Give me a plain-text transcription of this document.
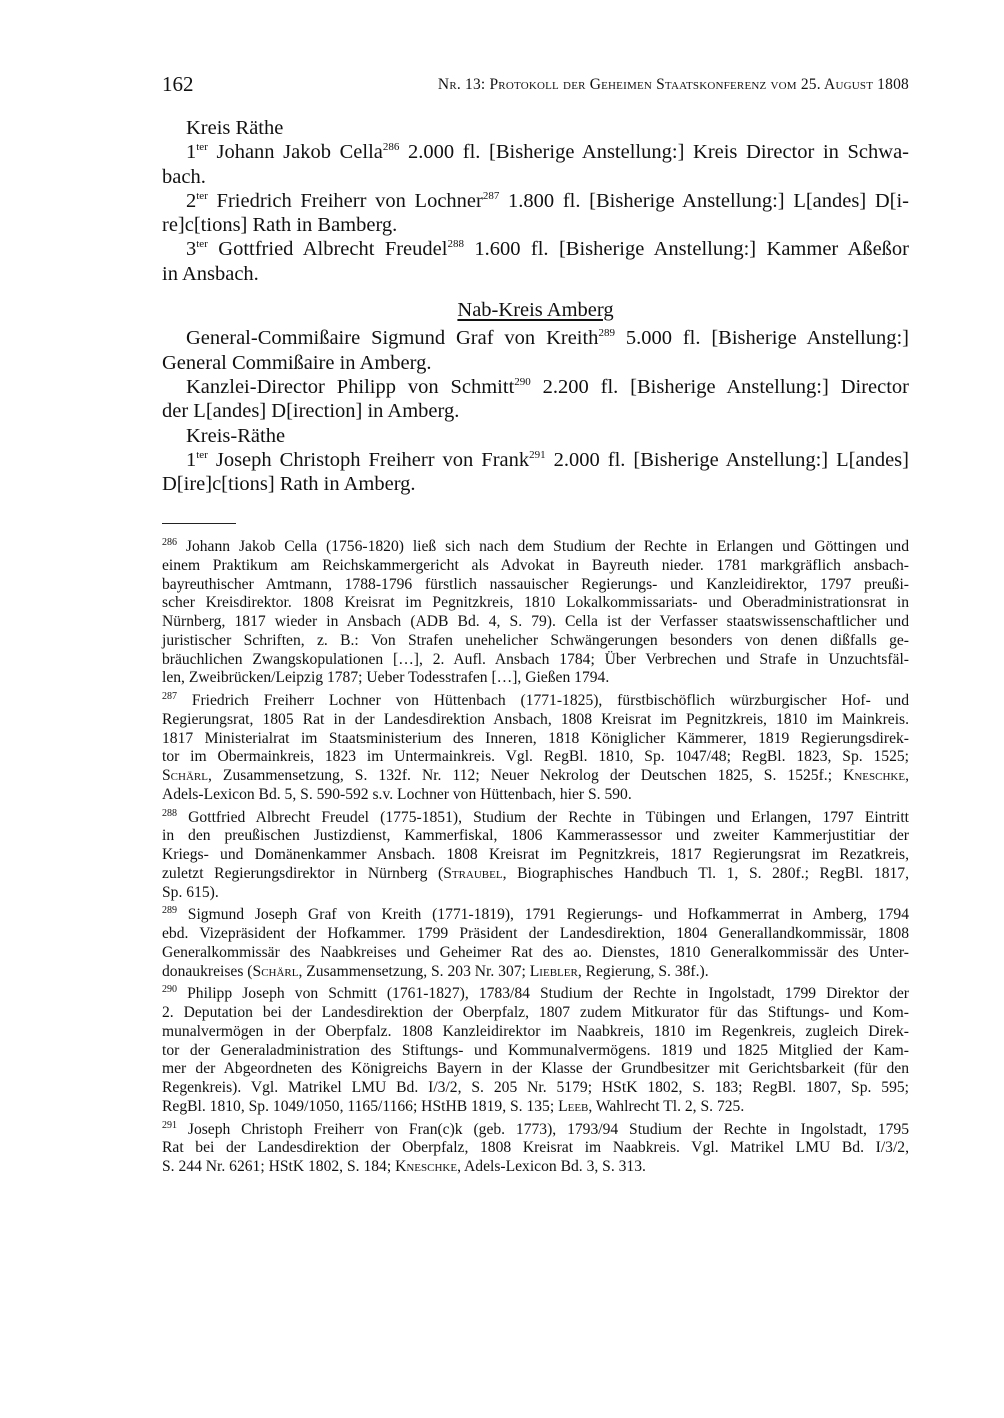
162	Nr. 13: Protokoll der Geheimen Staatskonferenz vom 25. August 1808
Kreis Räthe
$1^{ter}$ Johann Jakob Cella$^{286}$ 2.000 fl. [Bisherige Anstellung:] Kreis Director in Schwa-
bach.
$2^{ter}$ Friedrich Freiherr von Lochner$^{287}$ 1.800 fl. [Bisherige Anstellung:] L[andes] D[i-
re]c[tions] Rath in Bamberg.
$3^{ter}$ Gottfried Albrecht Freudel$^{288}$ 1.600 fl. [Bisherige Anstellung:] Kammer Aßeßor
in Ansbach.
Nab-Kreis Amberg
General-Commißaire Sigmund Graf von Kreith$^{289}$ 5.000 fl. [Bisherige Anstellung:]
General Commißaire in Amberg.
Kanzlei-Director Philipp von Schmitt$^{290}$ 2.200 fl. [Bisherige Anstellung:] Director
der L[andes] D[irection] in Amberg.
Kreis-Räthe
$1^{ter}$ Joseph Christoph Freiherr von Frank$^{291}$ 2.000 fl. [Bisherige Anstellung:] L[andes]
D[ire]c[tions] Rath in Amberg.
$^{286}$ Johann Jakob Cella (1756-1820) ließ sich nach dem Studium der Rechte in Erlangen und Göttingen und
einem Praktikum am Reichskammergericht als Advokat in Bayreuth nieder. 1781 markgräflich ansbach-
bayreuthischer Amtmann, 1788-1796 fürstlich nassauischer Regierungs- und Kanzleidirektor, 1797 preußi-
scher Kreisdirektor. 1808 Kreisrat im Pegnitzkreis, 1810 Lokalkommissariats- und Oberadministrationsrat in
Nürnberg, 1817 wieder in Ansbach (ADB Bd. 4, S. 79). Cella ist der Verfasser staatswissenschaftlicher und
juristischer Schriften, z. B.: Von Strafen unehelicher Schwängerungen besonders von denen dißfalls ge-
bräuchlichen Zwangskopulationen […], 2. Aufl. Ansbach 1784; Über Verbrechen und Strafe in Unzuchtsfäl-
len, Zweibrücken/Leipzig 1787; Ueber Todesstrafen […], Gießen 1794.
$^{287}$ Friedrich Freiherr Lochner von Hüttenbach (1771-1825), fürstbischöflich würzburgischer Hof- und
Regierungsrat, 1805 Rat in der Landesdirektion Ansbach, 1808 Kreisrat im Pegnitzkreis, 1810 im Mainkreis.
1817 Ministerialrat im Staatsministerium des Inneren, 1818 Königlicher Kämmerer, 1819 Regierungsdirek-
tor im Obermainkreis, 1823 im Untermainkreis. Vgl. RegBl. 1810, Sp. 1047/48; RegBl. 1823, Sp. 1525;
Schärl, Zusammensetzung, S. 132f. Nr. 112; Neuer Nekrolog der Deutschen 1825, S. 1525f.; Kneschke,
Adels-Lexicon Bd. 5, S. 590-592 s.v. Lochner von Hüttenbach, hier S. 590.
$^{288}$ Gottfried Albrecht Freudel (1775-1851), Studium der Rechte in Tübingen und Erlangen, 1797 Eintritt
in den preußischen Justizdienst, Kammerfiskal, 1806 Kammerassessor und zweiter Kammerjustitiar der
Kriegs- und Domänenkammer Ansbach. 1808 Kreisrat im Pegnitzkreis, 1817 Regierungsrat im Rezatkreis,
zuletzt Regierungsdirektor in Nürnberg (Straubel, Biographisches Handbuch Tl. 1, S. 280f.; RegBl. 1817,
Sp. 615).
$^{289}$ Sigmund Joseph Graf von Kreith (1771-1819), 1791 Regierungs- und Hofkammerrat in Amberg, 1794
ebd. Vizepräsident der Hofkammer. 1799 Präsident der Landesdirektion, 1804 Generallandkommissär, 1808
Generalkommissär des Naabkreises und Geheimer Rat des ao. Dienstes, 1810 Generalkommissär des Unter-
donaukreises (Schärl, Zusammensetzung, S. 203 Nr. 307; Liebler, Regierung, S. 38f.).
$^{290}$ Philipp Joseph von Schmitt (1761-1827), 1783/84 Studium der Rechte in Ingolstadt, 1799 Direktor der
2. Deputation bei der Landesdirektion der Oberpfalz, 1807 zudem Mitkurator für das Stiftungs- und Kom-
munalvermögen in der Oberpfalz. 1808 Kanzleidirektor im Naabkreis, 1810 im Regenkreis, zugleich Direk-
tor der Generaladministration des Stiftungs- und Kommunalvermögens. 1819 und 1825 Mitglied der Kam-
mer der Abgeordneten des Königreichs Bayern in der Klasse der Grundbesitzer mit Gerichtsbarkeit (für den
Regenkreis). Vgl. Matrikel LMU Bd. I/3/2, S. 205 Nr. 5179; HStK 1802, S. 183; RegBl. 1807, Sp. 595;
RegBl. 1810, Sp. 1049/1050, 1165/1166; HStHB 1819, S. 135; Leeb, Wahlrecht Tl. 2, S. 725.
$^{291}$ Joseph Christoph Freiherr von Fran(c)k (geb. 1773), 1793/94 Studium der Rechte in Ingolstadt, 1795
Rat bei der Landesdirektion der Oberpfalz, 1808 Kreisrat im Naabkreis. Vgl. Matrikel LMU Bd. I/3/2,
S. 244 Nr. 6261; HStK 1802, S. 184; Kneschke, Adels-Lexicon Bd. 3, S. 313.
